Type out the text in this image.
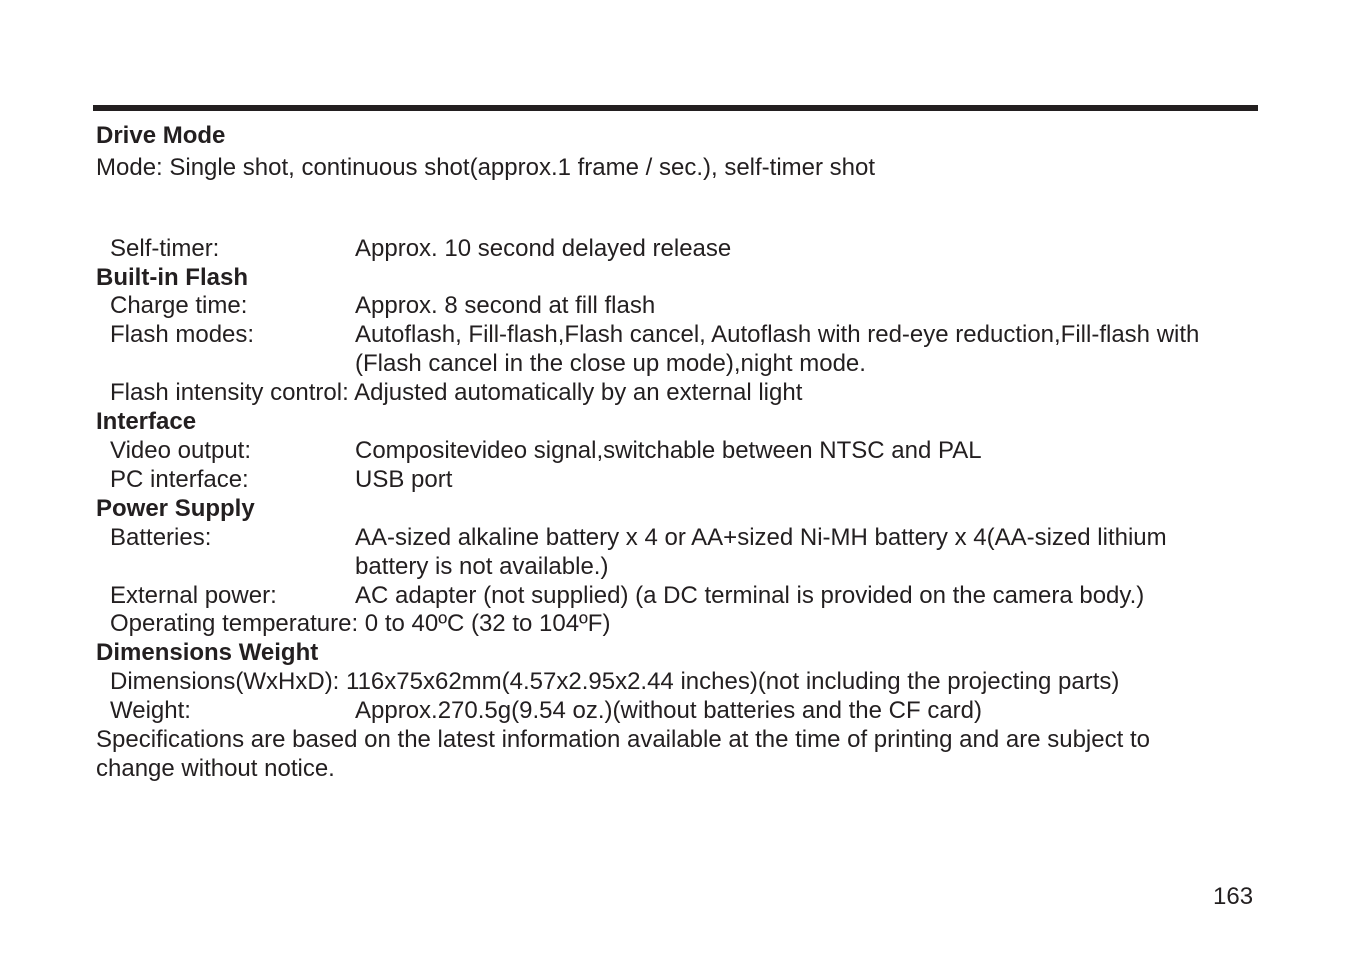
Drive Mode
Mode: Single shot, continuous shot(approx.1 frame / sec.), self-timer shot
Self-timer:	Approx. 10 second delayed release
Built-in Flash
Charge time:	Approx. 8 second at fill flash
Flash modes:	Autoflash, Fill-flash,Flash cancel, Autoflash with red-eye reduction,Fill-flash with
(Flash cancel in the close up mode),night mode.
Flash intensity control: Adjusted automatically by an external light
Interface
Video output:	Compositevideo signal,switchable between NTSC and PAL
PC interface:	USB port
Power Supply
Batteries:	AA-sized alkaline battery x 4 or AA+sized Ni-MH battery x 4(AA-sized lithium
battery is not available.)
External power:	AC adapter (not supplied) (a DC terminal is provided on the camera body.)
Operating temperature: 0 to 40ºC (32 to 104ºF)
Dimensions Weight
Dimensions(WxHxD): 116x75x62mm(4.57x2.95x2.44 inches)(not including the projecting parts)
Weight:	Approx.270.5g(9.54 oz.)(without batteries and the CF card)
Specifications are based on the latest information available at the time of printing and are subject to
change without notice.
163
